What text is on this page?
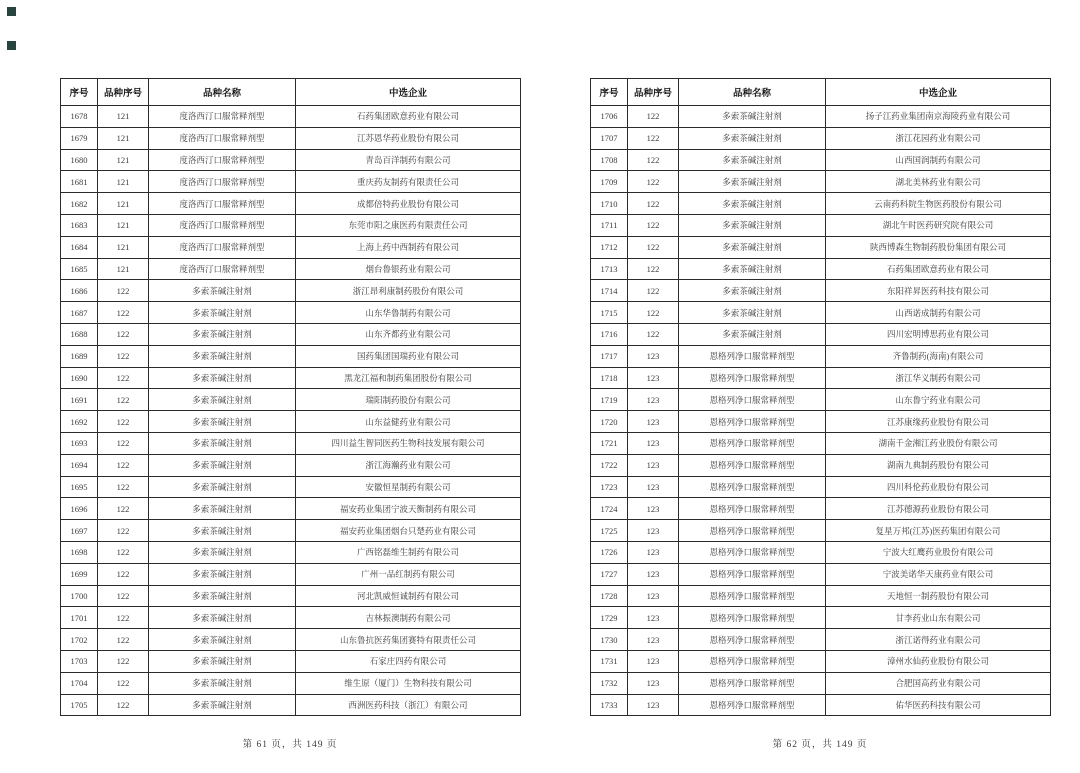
序号	品种序号	品种名称	中选企业
1678	121	度洛西汀口服常释剂型	石药集团欧意药业有限公司
1679	121	度洛西汀口服常释剂型	江苏恩华药业股份有限公司
1680	121	度洛西汀口服常释剂型	青岛百洋制药有限公司
1681	121	度洛西汀口服常释剂型	重庆药友制药有限责任公司
1682	121	度洛西汀口服常释剂型	成都倍特药业股份有限公司
1683	121	度洛西汀口服常释剂型	东莞市阳之康医药有限责任公司
1684	121	度洛西汀口服常释剂型	上海上药中西制药有限公司
1685	121	度洛西汀口服常释剂型	烟台鲁银药业有限公司
1686	122	多索茶碱注射剂	浙江昂利康制药股份有限公司
1687	122	多索茶碱注射剂	山东华鲁制药有限公司
1688	122	多索茶碱注射剂	山东齐都药业有限公司
1689	122	多索茶碱注射剂	国药集团国瑞药业有限公司
1690	122	多索茶碱注射剂	黑龙江福和制药集团股份有限公司
1691	122	多索茶碱注射剂	瑞阳制药股份有限公司
1692	122	多索茶碱注射剂	山东益健药业有限公司
1693	122	多索茶碱注射剂	四川益生智同医药生物科技发展有限公司
1694	122	多索茶碱注射剂	浙江海瀚药业有限公司
1695	122	多索茶碱注射剂	安徽恒星制药有限公司
1696	122	多索茶碱注射剂	福安药业集团宁波天衡制药有限公司
1697	122	多索茶碱注射剂	福安药业集团烟台只楚药业有限公司
1698	122	多索茶碱注射剂	广西铭磊维生制药有限公司
1699	122	多索茶碱注射剂	广州一品红制药有限公司
1700	122	多索茶碱注射剂	河北凯威恒诚制药有限公司
1701	122	多索茶碱注射剂	吉林振澳制药有限公司
1702	122	多索茶碱注射剂	山东鲁抗医药集团赛特有限责任公司
1703	122	多索茶碱注射剂	石家庄四药有限公司
1704	122	多索茶碱注射剂	维生原（厦门）生物科技有限公司
1705	122	多索茶碱注射剂	西洲医药科技（浙江）有限公司
序号	品种序号	品种名称	中选企业
1706	122	多索茶碱注射剂	扬子江药业集团南京海陵药业有限公司
1707	122	多索茶碱注射剂	浙江花园药业有限公司
1708	122	多索茶碱注射剂	山西国润制药有限公司
1709	122	多索茶碱注射剂	湖北美林药业有限公司
1710	122	多索茶碱注射剂	云南药科院生物医药股份有限公司
1711	122	多索茶碱注射剂	湖北午时医药研究院有限公司
1712	122	多索茶碱注射剂	陕西博森生物制药股份集团有限公司
1713	122	多索茶碱注射剂	石药集团欧意药业有限公司
1714	122	多索茶碱注射剂	东阳祥昇医药科技有限公司
1715	122	多索茶碱注射剂	山西诺成制药有限公司
1716	122	多索茶碱注射剂	四川宏明博思药业有限公司
1717	123	恩格列净口服常释剂型	齐鲁制药(海南)有限公司
1718	123	恩格列净口服常释剂型	浙江华义制药有限公司
1719	123	恩格列净口服常释剂型	山东鲁宁药业有限公司
1720	123	恩格列净口服常释剂型	江苏康缘药业股份有限公司
1721	123	恩格列净口服常释剂型	湖南千金湘江药业股份有限公司
1722	123	恩格列净口服常释剂型	湖南九典制药股份有限公司
1723	123	恩格列净口服常释剂型	四川科伦药业股份有限公司
1724	123	恩格列净口服常释剂型	江苏德源药业股份有限公司
1725	123	恩格列净口服常释剂型	复星万邦(江苏)医药集团有限公司
1726	123	恩格列净口服常释剂型	宁波大红鹰药业股份有限公司
1727	123	恩格列净口服常释剂型	宁波美诺华天康药业有限公司
1728	123	恩格列净口服常释剂型	天地恒一制药股份有限公司
1729	123	恩格列净口服常释剂型	甘李药业山东有限公司
1730	123	恩格列净口服常释剂型	浙江诺得药业有限公司
1731	123	恩格列净口服常释剂型	漳州水仙药业股份有限公司
1732	123	恩格列净口服常释剂型	合肥国高药业有限公司
1733	123	恩格列净口服常释剂型	佑华医药科技有限公司
第 61 页，共 149 页	第 62 页，共 149 页
